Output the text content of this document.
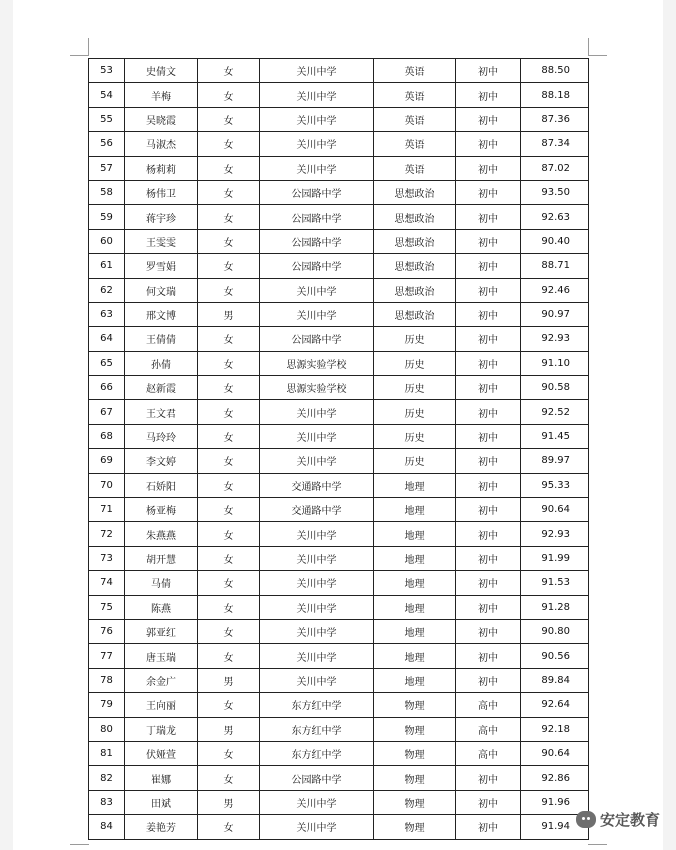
53	史倩文	女	关川中学	英语	初中	88.50
54	羊梅	女	关川中学	英语	初中	88.18
55	吴晓霞	女	关川中学	英语	初中	87.36
56	马淑杰	女	关川中学	英语	初中	87.34
57	杨莉莉	女	关川中学	英语	初中	87.02
58	杨伟卫	女	公园路中学	思想政治	初中	93.50
59	蒋宇珍	女	公园路中学	思想政治	初中	92.63
60	王雯雯	女	公园路中学	思想政治	初中	90.40
61	罗雪娟	女	公园路中学	思想政治	初中	88.71
62	何文瑞	女	关川中学	思想政治	初中	92.46
63	邢文博	男	关川中学	思想政治	初中	90.97
64	王倩倩	女	公园路中学	历史	初中	92.93
65	孙倩	女	思源实验学校	历史	初中	91.10
66	赵新霞	女	思源实验学校	历史	初中	90.58
67	王文君	女	关川中学	历史	初中	92.52
68	马玲玲	女	关川中学	历史	初中	91.45
69	李文婷	女	关川中学	历史	初中	89.97
70	石娇阳	女	交通路中学	地理	初中	95.33
71	杨亚梅	女	交通路中学	地理	初中	90.64
72	朱燕燕	女	关川中学	地理	初中	92.93
73	胡开慧	女	关川中学	地理	初中	91.99
74	马倩	女	关川中学	地理	初中	91.53
75	陈燕	女	关川中学	地理	初中	91.28
76	郭亚红	女	关川中学	地理	初中	90.80
77	唐玉瑞	女	关川中学	地理	初中	90.56
78	余金广	男	关川中学	地理	初中	89.84
79	王向丽	女	东方红中学	物理	高中	92.64
80	丁瑞龙	男	东方红中学	物理	高中	92.18
81	伏娅萱	女	东方红中学	物理	高中	90.64
82	崔娜	女	公园路中学	物理	初中	92.86
83	田斌	男	关川中学	物理	初中	91.96
84	姜艳芳	女	关川中学	物理	初中	91.94 安定教育
